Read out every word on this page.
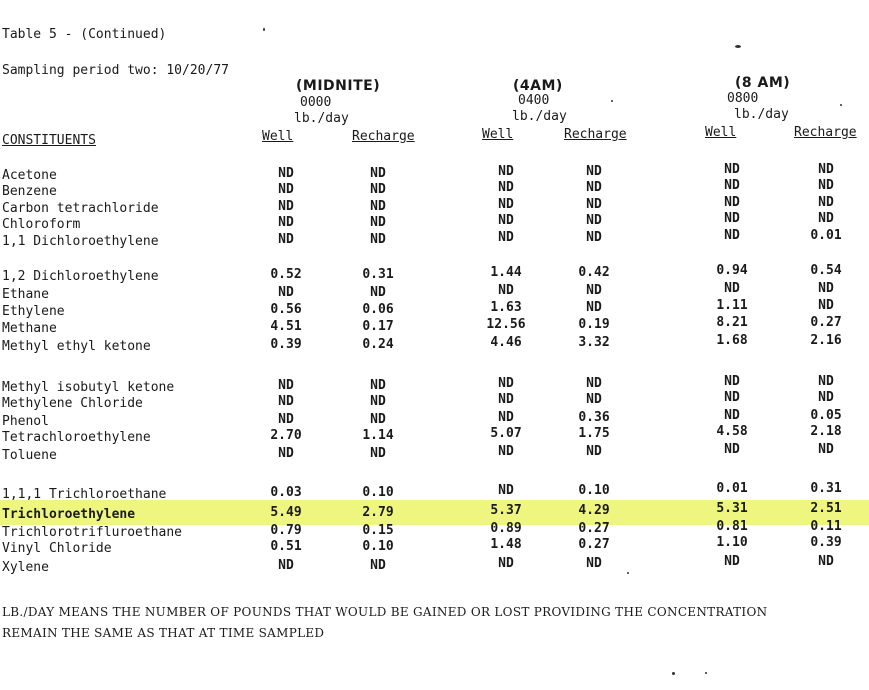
Table 5 - (Continued)
Sampling period two: 10/20/77
(MIDNITE)
0000
lb./day
Well	Recharge
(4AM)
0400
lb./day
Well	Recharge
(8 AM)
0800
lb./day
Well	Recharge
CONSTITUENTS
Acetone	ND	ND	ND	ND	ND	ND
Benzene	ND	ND	ND	ND	ND	ND
Carbon tetrachloride	ND	ND	ND	ND	ND	ND
Chloroform	ND	ND	ND	ND	ND	ND
1,1 Dichloroethylene	ND	ND	ND	ND	ND	0.01
1,2 Dichloroethylene	0.52	0.31	1.44	0.42	0.94	0.54
Ethane	ND	ND	ND	ND	ND	ND
Ethylene	0.56	0.06	1.63	ND	1.11	ND
Methane	4.51	0.17	12.56	0.19	8.21	0.27
Methyl ethyl ketone	0.39	0.24	4.46	3.32	1.68	2.16
Methyl isobutyl ketone	ND	ND	ND	ND	ND	ND
Methylene Chloride	ND	ND	ND	ND	ND	ND
Phenol	ND	ND	ND	0.36	ND	0.05
Tetrachloroethylene	2.70	1.14	5.07	1.75	4.58	2.18
Toluene	ND	ND	ND	ND	ND	ND
1,1,1 Trichloroethane	0.03	0.10	ND	0.10	0.01	0.31
Trichloroethylene	5.49	2.79	5.37	4.29	5.31	2.51
Trichlorotrifluroethane	0.79	0.15	0.89	0.27	0.81	0.11
Vinyl Chloride	0.51	0.10	1.48	0.27	1.10	0.39
Xylene	ND	ND	ND	ND	ND	ND
LB./DAY MEANS THE NUMBER OF POUNDS THAT WOULD BE GAINED OR LOST PROVIDING THE CONCENTRATION
REMAIN THE SAME AS THAT AT TIME SAMPLED
